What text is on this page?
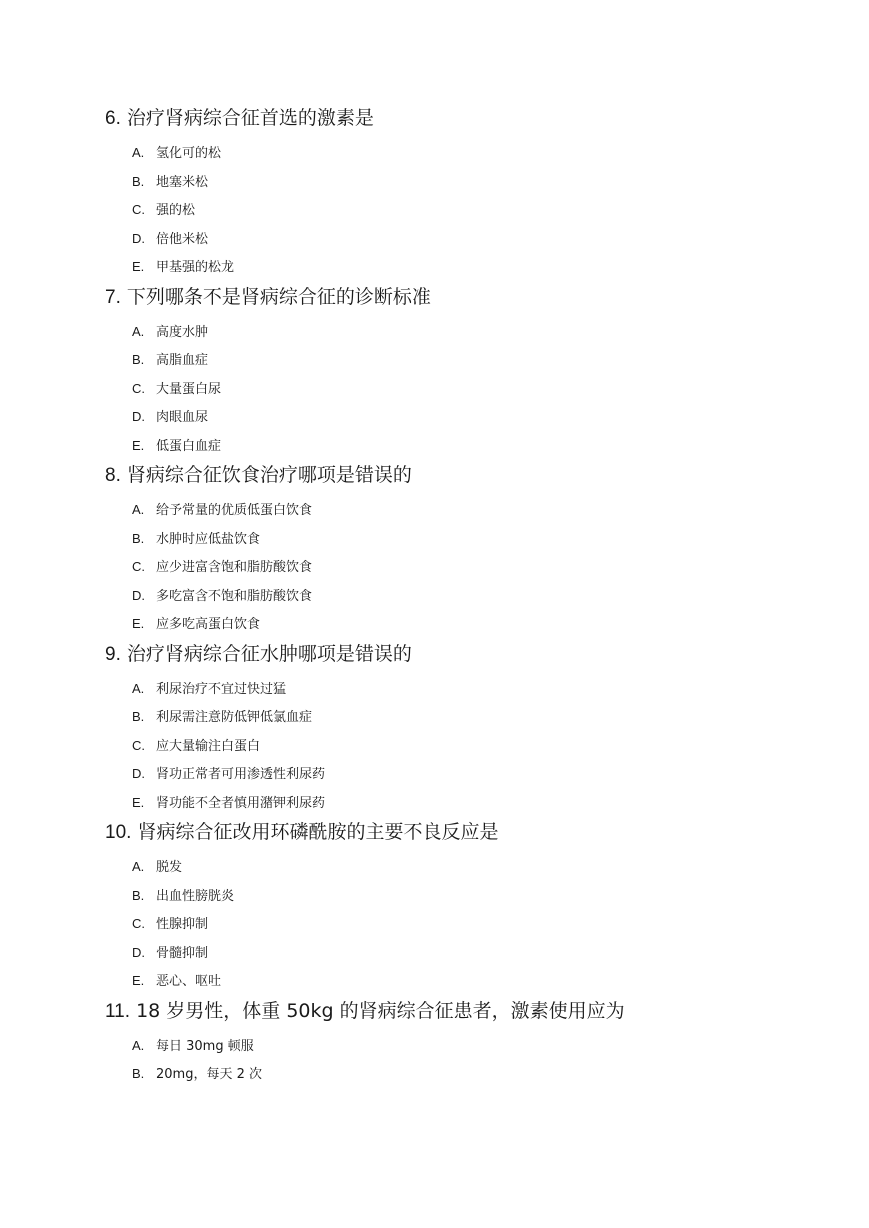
6. 治疗肾病综合征首选的激素是
A. 氢化可的松
B. 地塞米松
C. 强的松
D. 倍他米松
E. 甲基强的松龙
7. 下列哪条不是肾病综合征的诊断标准
A. 高度水肿
B. 高脂血症
C. 大量蛋白尿
D. 肉眼血尿
E. 低蛋白血症
8. 肾病综合征饮食治疗哪项是错误的
A. 给予常量的优质低蛋白饮食
B. 水肿时应低盐饮食
C. 应少进富含饱和脂肪酸饮食
D. 多吃富含不饱和脂肪酸饮食
E. 应多吃高蛋白饮食
9. 治疗肾病综合征水肿哪项是错误的
A. 利尿治疗不宜过快过猛
B. 利尿需注意防低钾低氯血症
C. 应大量输注白蛋白
D. 肾功正常者可用渗透性利尿药
E. 肾功能不全者慎用潴钾利尿药
10. 肾病综合征改用环磷酰胺的主要不良反应是
A. 脱发
B. 出血性膀胱炎
C. 性腺抑制
D. 骨髓抑制
E. 恶心、呕吐
11. 18 岁男性，体重 50kg 的肾病综合征患者，激素使用应为
A. 每日 30mg 顿服
B. 20mg，每天 2 次
